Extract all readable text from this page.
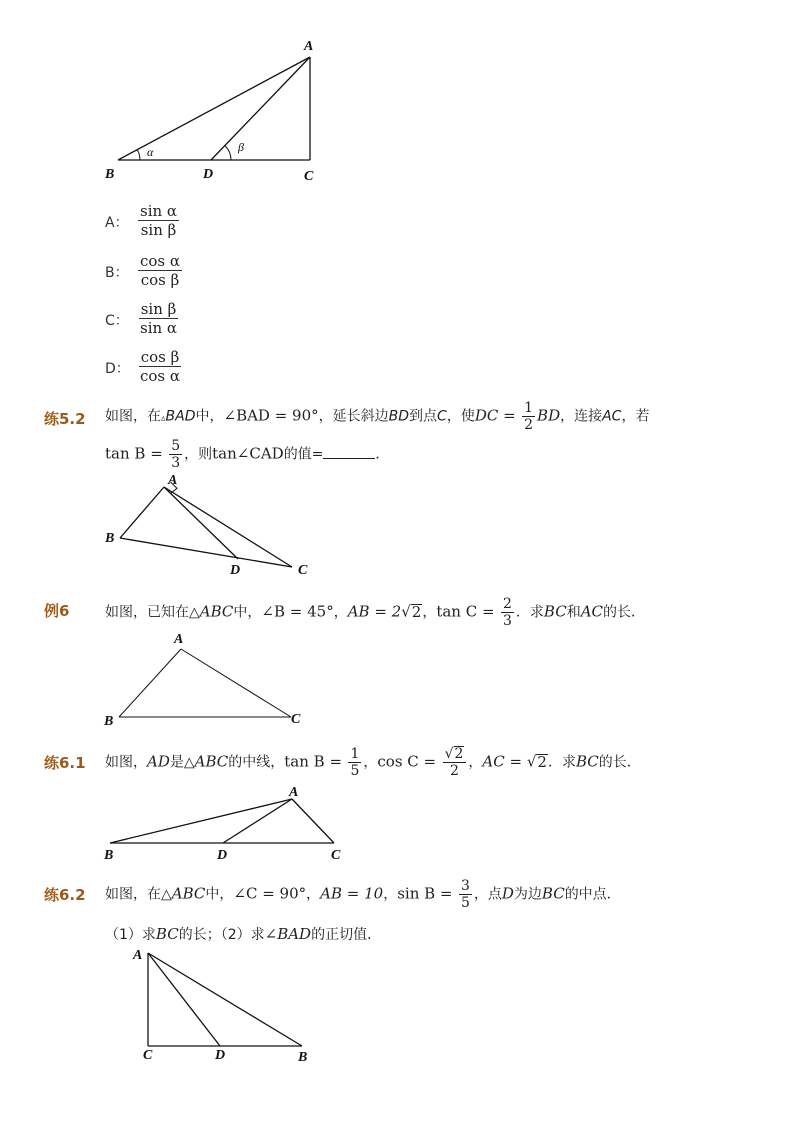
A
B	C
D
α	β
A： $\frac{\text{sin α}}{\text{sin β}}$
B： $\frac{\text{cos α}}{\text{cos β}}$
C： $\frac{\text{sin β}}{\text{sin α}}$
D： $\frac{\text{cos β}}{\text{cos α}}$
练5.2 如图，在▵BAD中，∠BAD = 90°，延长斜边BD到点C，使DC = $\frac{1}{2}$ BD，连接AC，若
$\tan B = \frac{5}{3}$ ，则tan∠CAD的值=	．
A
B
D	C
例6	如图，已知在△ABC中，∠B = 45°，AB = 2√2，$\tan C = \frac{2}{3}$ ．求BC和AC的长．
A
B	C
练6.1 如图，AD是△ABC的中线，$\tan B = \frac{1}{5}$ ，$\cos C = \frac{√2}{2}$ ，AC = √2．求BC的长．
A
B	D	C
练6.2 如图，在△ABC中，∠C = 90°，AB = 10，$\sin B = \frac{3}{5}$ ，点D为边BC的中点．
（1）求BC的长；（2）求∠BAD的正切值．
A
C	D	B
